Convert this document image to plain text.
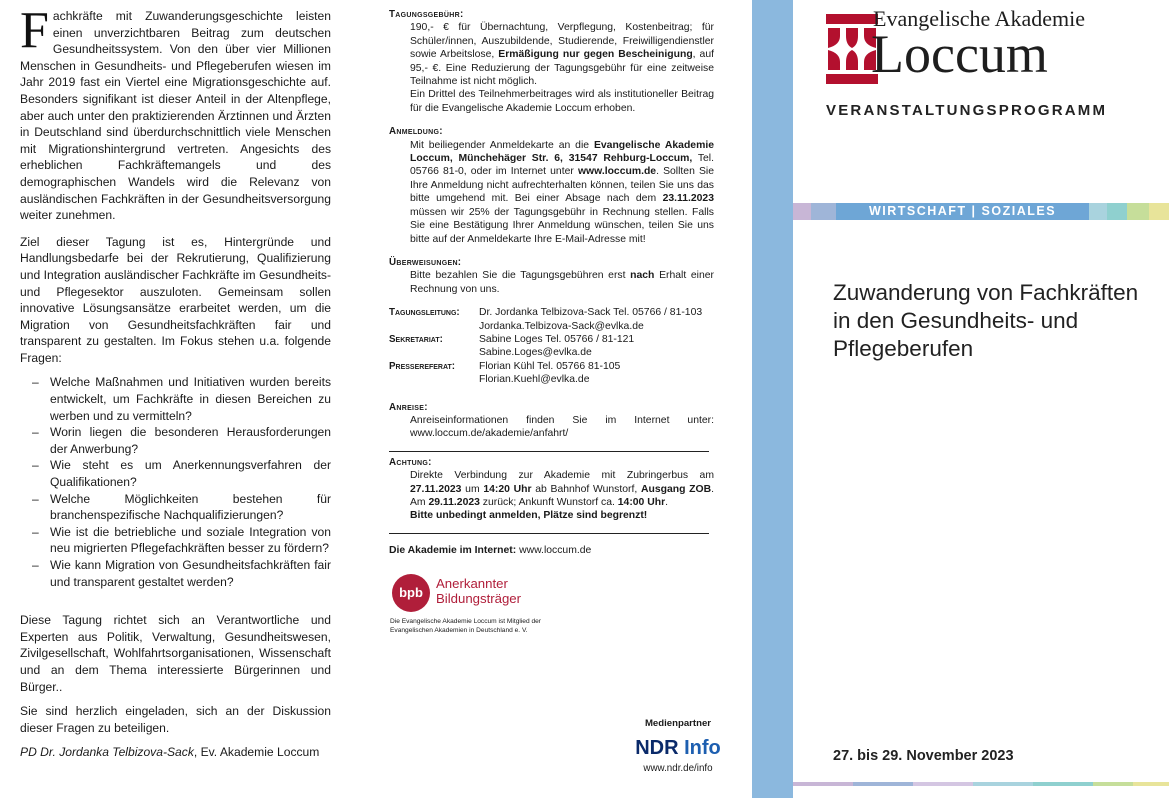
Fachkräfte mit Zuwanderungsgeschichte leisten einen unverzichtbaren Beitrag zum deutschen Gesundheitssystem. Von den über vier Millionen Menschen in Gesundheits- und Pflegeberufen wiesen im Jahr 2019 fast ein Viertel eine Migrationsgeschichte auf. Besonders signifikant ist dieser Anteil in der Altenpflege, aber auch unter den praktizierenden Ärztinnen und Ärzten in Deutschland sind überdurchschnittlich viele Menschen mit Migrationshintergrund vertreten. Angesichts des erheblichen Fachkräftemangels und des demographischen Wandels wird die Relevanz von ausländischen Fachkräften in der Gesundheitsversorgung weiter zunehmen.

Ziel dieser Tagung ist es, Hintergründe und Handlungsbedarfe bei der Rekrutierung, Qualifizierung und Integration ausländischer Fachkräfte im Gesundheits- und Pflegesektor auszuloten. Gemeinsam sollen innovative Lösungsansätze erarbeitet werden, um die Migration von Gesundheitsfachkräften fair und transparent zu gestalten. Im Fokus stehen u.a. folgende Fragen:

– Welche Maßnahmen und Initiativen wurden bereits entwickelt, um Fachkräfte in diesen Bereichen zu werben und zu vermitteln?
– Worin liegen die besonderen Herausforderungen der Anwerbung?
– Wie steht es um Anerkennungsverfahren der Qualifikationen?
– Welche Möglichkeiten bestehen für branchenspezifische Nachqualifizierungen?
– Wie ist die betriebliche und soziale Integration von neu migrierten Pflegefachkräften besser zu fördern?
– Wie kann Migration von Gesundheitsfachkräften fair und transparent gestaltet werden?

Diese Tagung richtet sich an Verantwortliche und Experten aus Politik, Verwaltung, Gesundheitswesen, Zivilgesellschaft, Wohlfahrtsorganisationen, Wissenschaft und an dem Thema interessierte Bürgerinnen und Bürger..

Sie sind herzlich eingeladen, sich an der Diskussion dieser Fragen zu beteiligen.

PD Dr. Jordanka Telbizova-Sack, Ev. Akademie Loccum

Tagungsgebühr:
190,- € für Übernachtung, Verpflegung, Kostenbeitrag; für Schüler/innen, Auszubildende, Studierende, Freiwilligendienstler sowie Arbeitslose, Ermäßigung nur gegen Bescheinigung, auf 95,- €. Eine Reduzierung der Tagungsgebühr für eine zeitweise Teilnahme ist nicht möglich.
Ein Drittel des Teilnehmerbeitrages wird als institutioneller Beitrag für die Evangelische Akademie Loccum erhoben.
Anmeldung:
Mit beiliegender Anmeldekarte an die Evangelische Akademie Loccum, Münchehäger Str. 6, 31547 Rehburg-Loccum, Tel. 05766 81-0, oder im Internet unter www.loccum.de. Sollten Sie Ihre Anmeldung nicht aufrechterhalten können, teilen Sie uns das bitte umgehend mit. Bei einer Absage nach dem 23.11.2023 müssen wir 25% der Tagungsgebühr in Rechnung stellen. Falls Sie eine Bestätigung Ihrer Anmeldung wünschen, teilen Sie uns bitte auf der Anmeldekarte Ihre E-Mail-Adresse mit!
Überweisungen:
Bitte bezahlen Sie die Tagungsgebühren erst nach Erhalt einer Rechnung von uns.
Tagungsleitung:	Dr. Jordanka Telbizova-Sack Tel. 05766 / 81-103
Jordanka.Telbizova-Sack@evlka.de
Sekretariat:	Sabine Loges Tel. 05766 / 81-121
Sabine.Loges@evlka.de
Pressereferat:	Florian Kühl Tel. 05766 81-105
Florian.Kuehl@evlka.de
Anreise:
Anreiseinformationen finden Sie im Internet unter: www.loccum.de/akademie/anfahrt/
Achtung:
Direkte Verbindung zur Akademie mit Zubringerbus am 27.11.2023 um 14:20 Uhr ab Bahnhof Wunstorf, Ausgang ZOB. Am 29.11.2023 zurück; Ankunft Wunstorf ca. 14:00 Uhr.
Bitte unbedingt anmelden, Plätze sind begrenzt!
Die Akademie im Internet: www.loccum.de
bpb
Anerkannter
Bildungsträger
Die Evangelische Akademie Loccum ist Mitglied der Evangelischen Akademien in Deutschland e. V.
Medienpartner
NDR Info
www.ndr.de/info
Evangelische Akademie
Loccum
VERANSTALTUNGSPROGRAMM
WIRTSCHAFT | SOZIALES
Zuwanderung von Fachkräften in den Gesundheits- und Pflegeberufen
27. bis 29. November 2023
